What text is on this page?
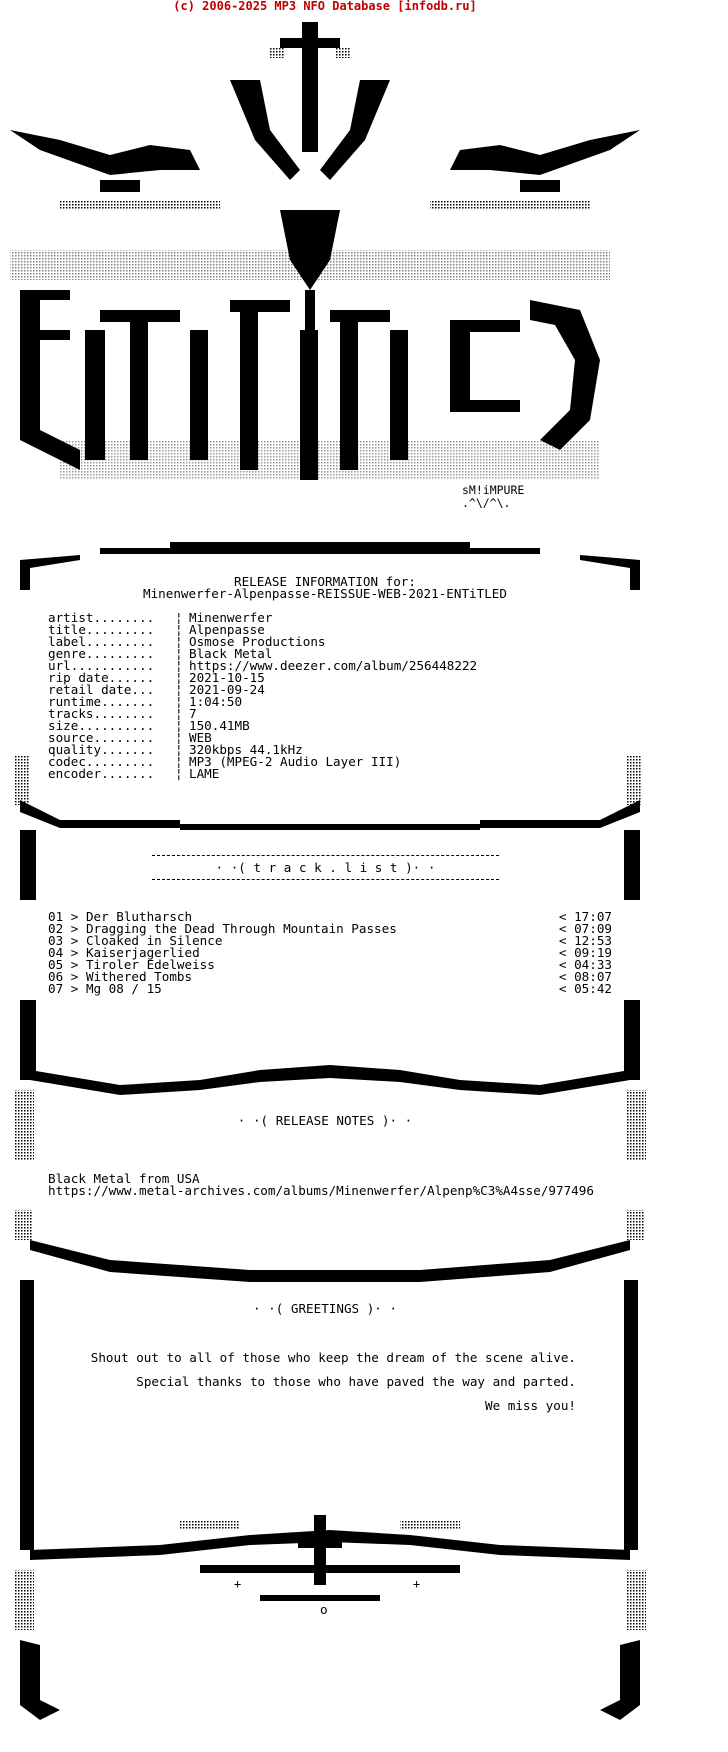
(c) 2006-2025 MP3 NFO Database [infodb.ru]
+	+
sM!iMPURE
.^\/^\.
RELEASE INFORMATION for:
Minenwerfer-Alpenpasse-REISSUE-WEB-2021-ENTiTLED
artist........ ¦ Minenwerfer
title......... ¦ Alpenpasse
label......... ¦ Osmose Productions
genre......... ¦ Black Metal
url........... ¦ https://www.deezer.com/album/256448222
rip date...... ¦ 2021-10-15
retail date... ¦ 2021-09-24
runtime....... ¦ 1:04:50
tracks........ ¦ 7
size.......... ¦ 150.41MB
source........ ¦ WEB
quality....... ¦ 320kbps 44.1kHz
codec......... ¦ MP3 (MPEG-2 Audio Layer III)
encoder....... ¦ LAME
· ·( t r a c k . l i s t )· ·
01 > Der Blutharsch	< 17:07
02 > Dragging the Dead Through Mountain Passes	< 07:09
03 > Cloaked in Silence	< 12:53
04 > Kaiserjagerlied	< 09:19
05 > Tiroler Edelweiss	< 04:33
06 > Withered Tombs	< 08:07
07 > Mg 08 / 15	< 05:42
· ·( RELEASE NOTES )· ·
Black Metal from USA
https://www.metal-archives.com/albums/Minenwerfer/Alpenp%C3%A4sse/977496
· ·( GREETINGS )· ·
Shout out to all of those who keep the dream of the scene alive.
Special thanks to those who have paved the way and parted.
We miss you!
o
